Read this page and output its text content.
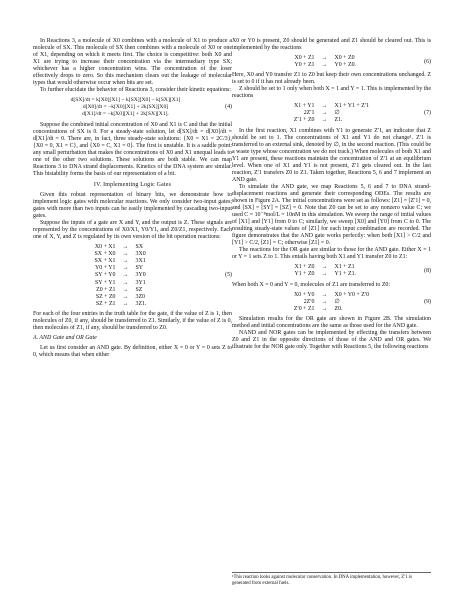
In Reactions 3, a molecule of X0 combines with a molecule of X1 to produce a molecule of SX. This molecule of SX then combines with a molecule of X0 or one of X1, depending on which it meets first. The choice is competitive: both X0 and X1 are trying to increase their concentration via the intermediary type SX; whichever has a higher concentration wins. The concentration of the loser effectively drops to zero. So this mechanism clears out the leakage of molecular types that would otherwise occur when bits are set.

To further elucidate the behavior of Reactions 3, consider their kinetic equations:

d[SX]/dt = k[X0][X1] − k[SX][X0] − k[SX][X1]
d[X0]/dt = −k[X0][X1] + 2k[SX][X0]
d[X1]/dt = −k[X0][X1] + 2k[SX][X1].
(4)

Suppose the combined initial concentration of X0 and X1 is C and that the initial concentrations of SX is 0. For a steady-state solution, let d[SX]/dt = d[X0]/dt = d[X1]/dt = 0. There are, in fact, three steady-state solutions: {X0 = X1 = 2C/3}, {X0 = 0, X1 = C}, and {X0 = C, X1 = 0}. The first is unstable. It is a saddle point: any small perturbation that makes the concentrations of X0 and X1 unequal leads to one of the other two solutions. These solutions are both stable. We can map Reactions 3 to DNA strand displacements. Kinetics of the DNA system are similar. This bistability forms the basis of our representation of a bit.

IV. Implementing Logic Gates

Given this robust representation of binary bits, we demonstrate how to implement logic gates with molecular reactions. We only consider two-input gates; gates with more than two inputs can be easily implemented by cascading two-input gates.

Suppose the inputs of a gate are X and Y, and the output is Z. These signals are represented by the concentrations of X0/X1, Y0/Y1, and Z0/Z1, respectively. Each one of X, Y, and Z is regulated by its own version of the bit operation reactions:

X0 + X1	→	SX
SX + X0	→	3X0
SX + X1	→	3X1
Y0 + Y1	→	SY
SY + Y0	→	3Y0
SY + Y1	→	3Y1
Z0 + Z1	→	SZ
SZ + Z0	→	3Z0
SZ + Z1	→	3Z1.
(5)

For each of the four entries in the truth table for the gate, if the value of Z is 1, then molecules of Z0, if any, should be transferred to Z1. Similarly, if the value of Z is 0, then molecules of Z1, if any, should be transferred to Z0.

A. AND Gate and OR Gate

Let us first consider an AND gate. By definition, either X = 0 or Y = 0 sets Z to 0, which means that when either

X0 or Y0 is present, Z0 should be generated and Z1 should be cleared out. This is implemented by the reactions

X0 + Z1	→	X0 + Z0
Y0 + Z1	→	Y0 + Z0.
(6)

Here, X0 and Y0 transfer Z1 to Z0 but keep their own concentrations unchanged. Z is set to 0 if it has not already been.

Z should be set to 1 only when both X = 1 and Y = 1. This is implemented by the reactions

X1 + Y1	→	X1 + Y1 + Z′1
2Z′1	→	∅
Z′1 + Z0	→	Z1.
(7)

In the first reaction, X1 combines with Y1 to generate Z′1, an indicator that Z should be set to 1. The concentrations of X1 and Y1 do not change¹. Z′1 is transferred to an external sink, denoted by ∅, in the second reaction. (This could be a waste type whose concentration we do not track.) When molecules of both X1 and Y1 are present, these reactions maintain the concentration of Z′1 at an equilibrium level. When one of X1 and Y1 is not present, Z′1 gets cleared out. In the last reaction, Z′1 transfers Z0 to Z1. Taken together, Reactions 5, 6 and 7 implement an AND gate.

To simulate the AND gate, we map Reactions 5, 6 and 7 to DNA strand-displacement reactions and generate their corresponding ODEs. The results are shown in Figure 2A. The initial concentrations were set as follows: [Z1] = [Z′1] = 0, and [SX] = [SY] = [SZ] = 0. Note that Z0 can be set to any nonzero value C; we used C = 10⁻⁸mol/L = 10nM in this simulation. We sweep the range of initial values of [X1] and [Y1] from 0 to C; similarly, we sweep [X0] and [Y0] from C to 0. The resulting steady-state values of [Z1] for each input combination are recorded. The figure demonstrates that the AND gate works perfectly: when both [X1] > C/2 and [Y1] > C/2, [Z1] = C; otherwise [Z1] = 0.

The reactions for the OR gate are similar to those for the AND gate. Either X = 1 or Y = 1 sets Z to 1. This entails having both X1 and Y1 transfer Z0 to Z1:

X1 + Z0	→	X1 + Z1
Y1 + Z0	→	Y1 + Z1.
(8)

When both X = 0 and Y = 0, molecules of Z1 are transferred to Z0:

X0 + Y0	→	X0 + Y0 + Z′0
2Z′0	→	∅
Z′0 + Z1	→	Z0.
(9)

Simulation results for the OR gate are shown in Figure 2B. The simulation method and initial concentrations are the same as those used for the AND gate.

NAND and NOR gates can be implemented by effecting the transfers between Z0 and Z1 in the opposite directions of those of the AND and OR gates. We illustrate for the NOR gate only. Together with Reactions 5, the following reactions

¹This reaction looks against molecular conservation. In DNA implementation, however, Z′1 is generated from external fuels.
